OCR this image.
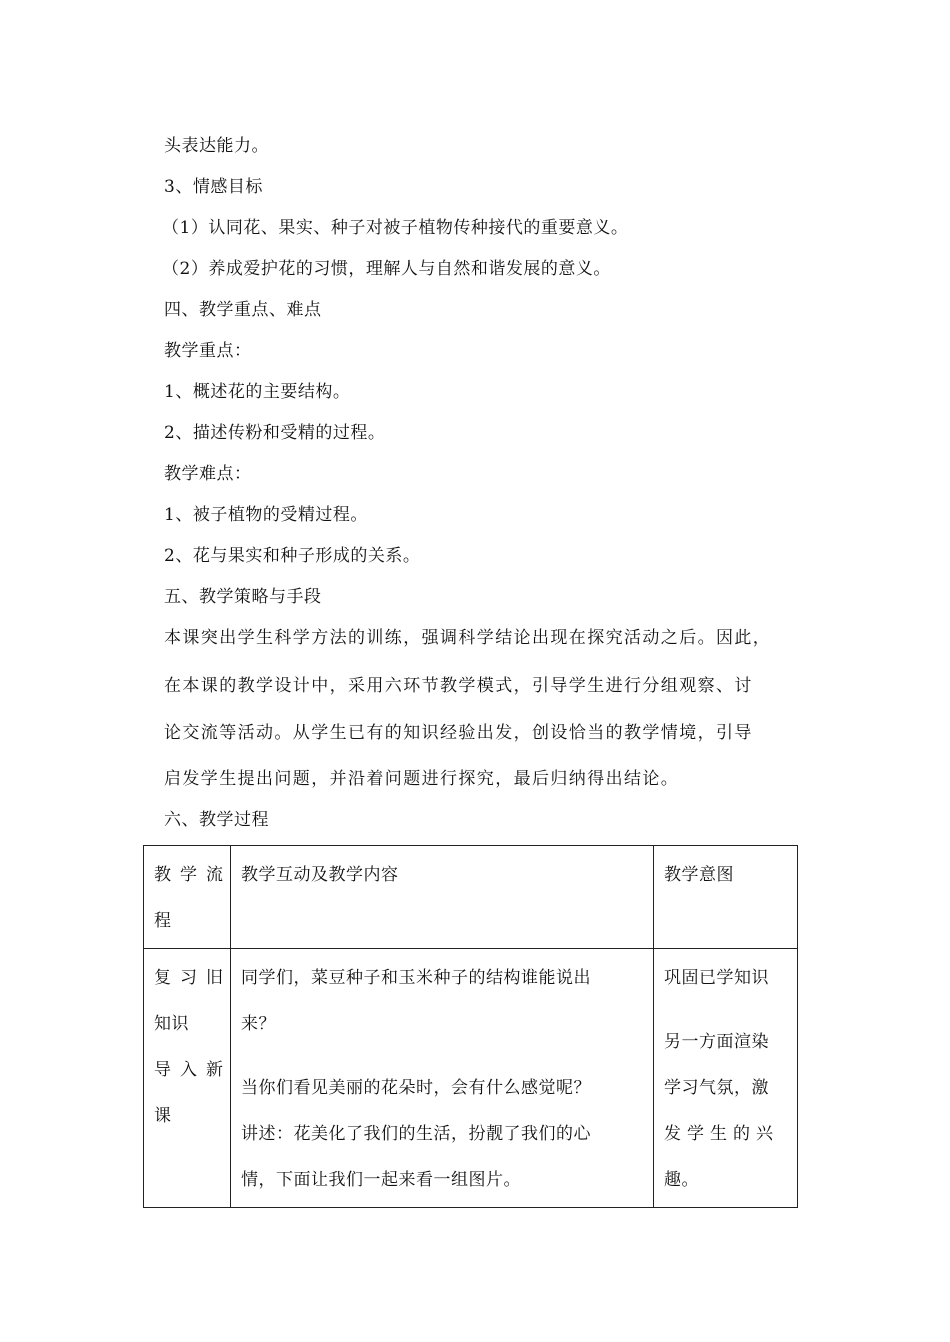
头表达能力。
3、情感目标
（1）认同花、果实、种子对被子植物传种接代的重要意义。
（2）养成爱护花的习惯，理解人与自然和谐发展的意义。
四、教学重点、难点
教学重点：
1、概述花的主要结构。
2、描述传粉和受精的过程。
教学难点：
1、被子植物的受精过程。
2、花与果实和种子形成的关系。
五、教学策略与手段
本课突出学生科学方法的训练，强调科学结论出现在探究活动之后。因此，
在本课的教学设计中，采用六环节教学模式，引导学生进行分组观察、讨
论交流等活动。从学生已有的知识经验出发，创设恰当的教学情境，引导
启发学生提出问题，并沿着问题进行探究，最后归纳得出结论。
六、教学过程
教学流
程	教学互动及教学内容	教学意图

复习旧
知识
导入新
课	同学们，菜豆种子和玉米种子的结构谁能说出
来？
当你们看见美丽的花朵时，会有什么感觉呢？
讲述：花美化了我们的生活，扮靓了我们的心
情，下面让我们一起来看一组图片。	巩固已学知识
另一方面渲染
学习气氛，激
发学生的兴
趣。
